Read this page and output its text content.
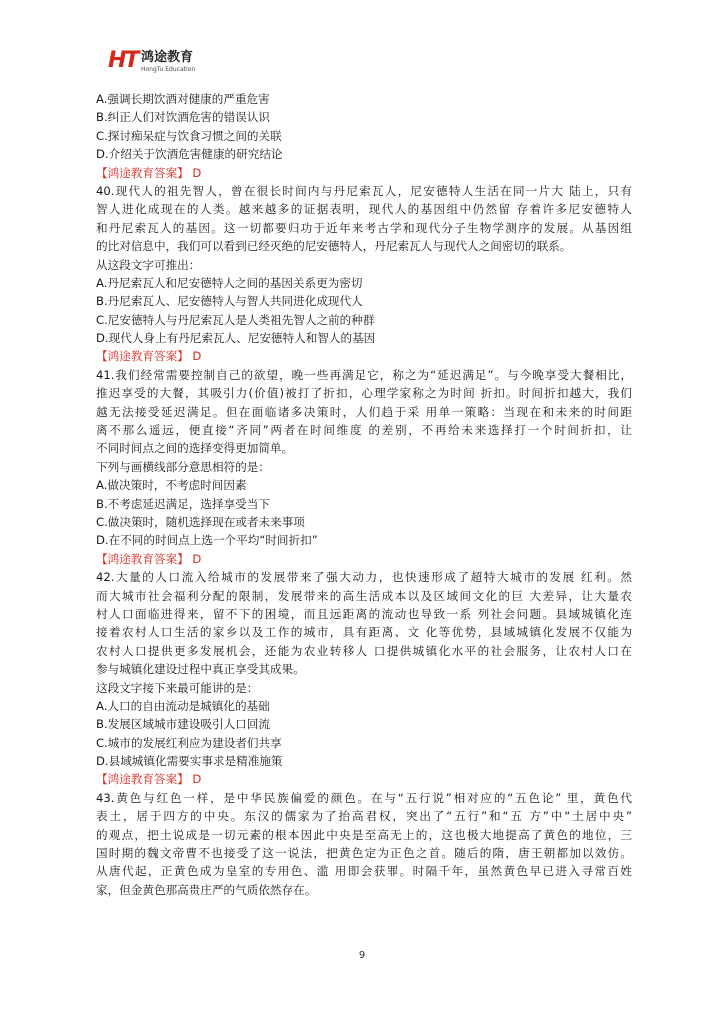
HT 鸿途教育
HongTu Education
A.强调长期饮酒对健康的严重危害
B.纠正人们对饮酒危害的错误认识
C.探讨痴呆症与饮食习惯之间的关联
D.介绍关于饮酒危害健康的研究结论
【鸿途教育答案】 D
40.现代人的祖先智人，曾在很长时间内与丹尼索瓦人，尼安德特人生活在同一片大 陆上，只有
智人进化成现在的人类。越来越多的证据表明，现代人的基因组中仍然留 存着许多尼安德特人
和丹尼索瓦人的基因。这一切都要归功于近年来考古学和现代分子生物学测序的发展。从基因组
的比对信息中，我们可以看到已经灭绝的尼安德特人，丹尼索瓦人与现代人之间密切的联系。
从这段文字可推出：
A.丹尼索瓦人和尼安德特人之间的基因关系更为密切
B.丹尼索瓦人、尼安德特人与智人共同进化成现代人
C.尼安德特人与丹尼索瓦人是人类祖先智人之前的种群
D.现代人身上有丹尼索瓦人、尼安德特人和智人的基因
【鸿途教育答案】 D
41.我们经常需要控制自己的欲望，晚一些再满足它，称之为“延迟满足”。与今晚享受大餐相比，
推迟享受的大餐，其吸引力(价值)被打了折扣，心理学家称之为时间 折扣。时间折扣越大，我们
越无法接受延迟满足。但在面临诸多决策时，人们趋于采 用单一策略：当现在和未来的时间距
离不那么遥远，便直接“齐同”两者在时间维度 的差别，不再给未来选择打一个时间折扣，让
不同时间点之间的选择变得更加简单。
下列与画横线部分意思相符的是：
A.做决策时，不考虑时间因素
B.不考虑延迟满足，选择享受当下
C.做决策时，随机选择现在或者未来事项
D.在不同的时间点上选一个平均“时间折扣”
【鸿途教育答案】 D
42.大量的人口流入给城市的发展带来了强大动力，也快速形成了超特大城市的发展 红利。然
而大城市社会福利分配的限制，发展带来的高生活成本以及区域间文化的巨 大差异，让大量农
村人口面临进得来，留不下的困境，而且远距离的流动也导致一系 列社会问题。县域城镇化连
接着农村人口生活的家乡以及工作的城市，具有距离、文 化等优势，县域城镇化发展不仅能为
农村人口提供更多发展机会，还能为农业转移人 口提供城镇化水平的社会服务，让农村人口在
参与城镇化建设过程中真正享受其成果。
这段文字接下来最可能讲的是：
A.人口的自由流动是城镇化的基础
B.发展区域城市建设吸引人口回流
C.城市的发展红利应为建设者们共享
D.县域城镇化需要实事求是精准施策
【鸿途教育答案】 D
43.黄色与红色一样，是中华民族偏爱的颜色。在与“五行说”相对应的“五色论” 里，黄色代
表土，居于四方的中央。东汉的儒家为了抬高君权，突出了“五行”和“五 方”中“土居中央”
的观点，把土说成是一切元素的根本因此中央是至高无上的，这也极大地提高了黄色的地位，三
国时期的魏文帝曹不也接受了这一说法，把黄色定为正色之首。随后的隋，唐王朝都加以效仿。
从唐代起，正黄色成为皇室的专用色、滥 用即会获罪。时隔千年，虽然黄色早已进入寻常百姓
家，但金黄色那高贵庄严的气质依然存在。
9
